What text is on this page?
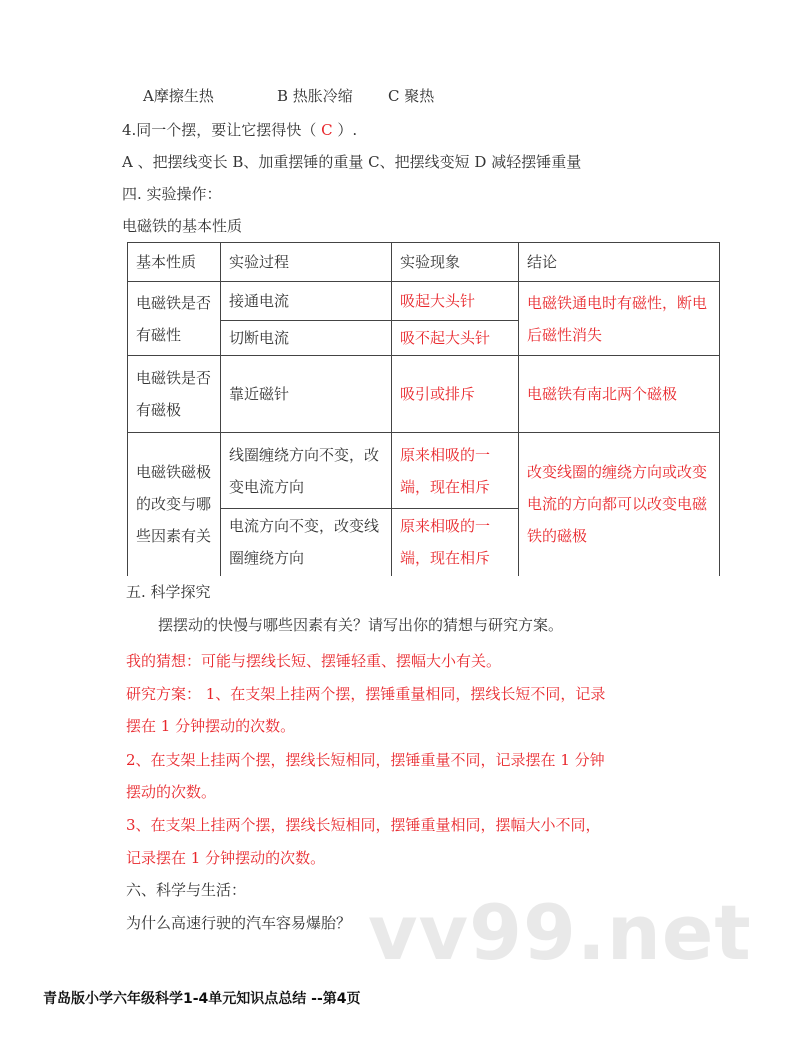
A摩擦生热	B 热胀冷缩 C 聚热
4.同一个摆，要让它摆得快（ C ）.
A 、把摆线变长 B、加重摆锤的重量 C、把摆线变短 D 减轻摆锤重量
四. 实验操作：
电磁铁的基本性质
基本性质	实验过程	实验现象	结论
电磁铁是否有磁性	接通电流	吸起大头针	电磁铁通电时有磁性，断电后磁性消失
	切断电流	吸不起大头针	
电磁铁是否有磁极	靠近磁针	吸引或排斥	电磁铁有南北两个磁极
电磁铁磁极的改变与哪些因素有关	线圈缠绕方向不变，改变电流方向	原来相吸的一端，现在相斥	改变线圈的缠绕方向或改变电流的方向都可以改变电磁铁的磁极
	电流方向不变，改变线圈缠绕方向	原来相吸的一端，现在相斥	
五. 科学探究
摆摆动的快慢与哪些因素有关？请写出你的猜想与研究方案。
我的猜想：可能与摆线长短、摆锤轻重、摆幅大小有关。
研究方案： 1、在支架上挂两个摆，摆锤重量相同，摆线长短不同，记录
摆在 1 分钟摆动的次数。
2、在支架上挂两个摆，摆线长短相同，摆锤重量不同，记录摆在 1 分钟
摆动的次数。
3、在支架上挂两个摆，摆线长短相同，摆锤重量相同，摆幅大小不同，
记录摆在 1 分钟摆动的次数。
六、科学与生活：
为什么高速行驶的汽车容易爆胎？ vv99.net
青岛版小学六年级科学1-4单元知识点总结 --第4页
